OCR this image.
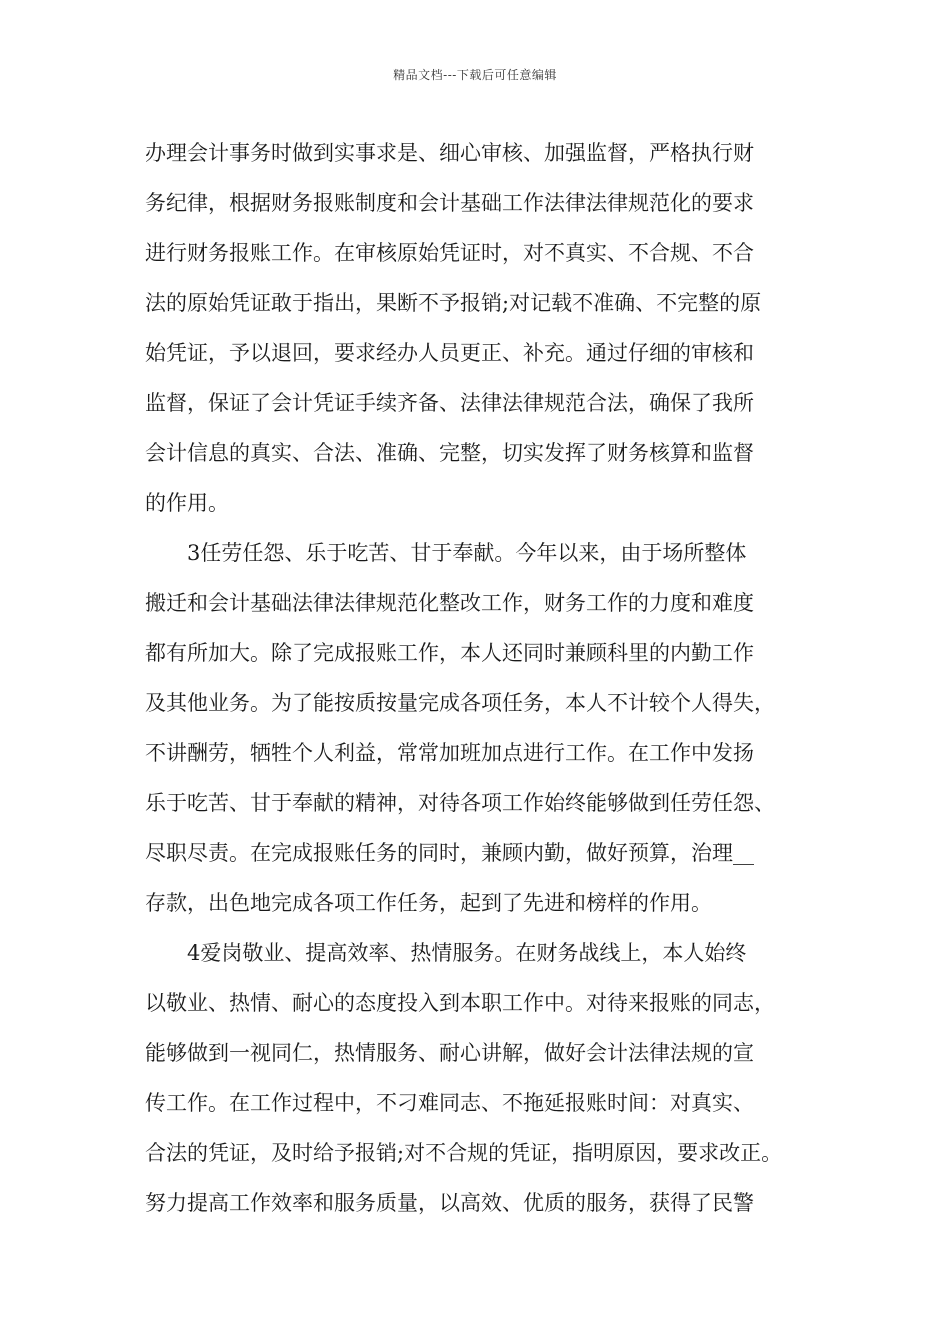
精品文档---下载后可任意编辑
办理会计事务时做到实事求是、细心审核、加强监督，严格执行财
务纪律，根据财务报账制度和会计基础工作法律法律规范化的要求
进行财务报账工作。在审核原始凭证时，对不真实、不合规、不合
法的原始凭证敢于指出，果断不予报销;对记载不准确、不完整的原
始凭证，予以退回，要求经办人员更正、补充。通过仔细的审核和
监督，保证了会计凭证手续齐备、法律法律规范合法，确保了我所
会计信息的真实、合法、准确、完整，切实发挥了财务核算和监督
的作用。
3任劳任怨、乐于吃苦、甘于奉献。今年以来，由于场所整体
搬迁和会计基础法律法律规范化整改工作，财务工作的力度和难度
都有所加大。除了完成报账工作，本人还同时兼顾科里的内勤工作
及其他业务。为了能按质按量完成各项任务，本人不计较个人得失，
不讲酬劳，牺牲个人利益，常常加班加点进行工作。在工作中发扬
乐于吃苦、甘于奉献的精神，对待各项工作始终能够做到任劳任怨、
尽职尽责。在完成报账任务的同时，兼顾内勤，做好预算，治理__
存款，出色地完成各项工作任务，起到了先进和榜样的作用。
4爱岗敬业、提高效率、热情服务。在财务战线上，本人始终
以敬业、热情、耐心的态度投入到本职工作中。对待来报账的同志，
能够做到一视同仁，热情服务、耐心讲解，做好会计法律法规的宣
传工作。在工作过程中，不刁难同志、不拖延报账时间：对真实、
合法的凭证，及时给予报销;对不合规的凭证，指明原因，要求改正。
努力提高工作效率和服务质量，以高效、优质的服务，获得了民警
